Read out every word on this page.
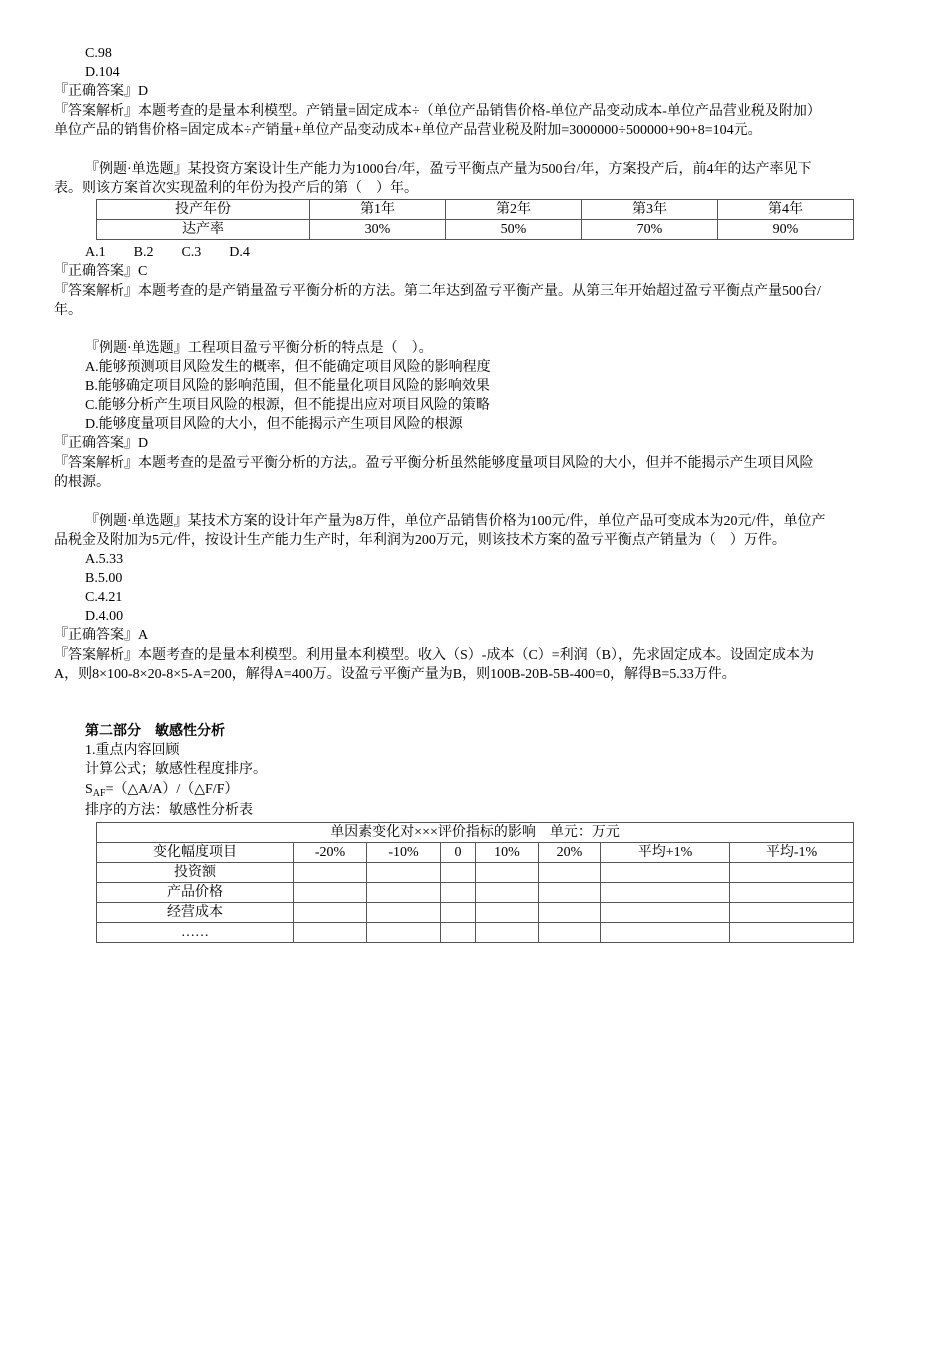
C.98
D.104
『正确答案』D
『答案解析』本题考查的是量本利模型。产销量=固定成本÷（单位产品销售价格-单位产品变动成本-单位产品营业税及附加）
单位产品的销售价格=固定成本÷产销量+单位产品变动成本+单位产品营业税及附加=3000000÷500000+90+8=104元。
『例题·单选题』某投资方案设计生产能力为1000台/年，盈亏平衡点产量为500台/年，方案投产后，前4年的达产率见下
表。则该方案首次实现盈利的年份为投产后的第（　）年。
投产年份	第1年	第2年	第3年	第4年
达产率	30%	50%	70%	90%
A.1　　B.2　　C.3　　D.4
『正确答案』C
『答案解析』本题考查的是产销量盈亏平衡分析的方法。第二年达到盈亏平衡产量。从第三年开始超过盈亏平衡点产量500台/
年。
『例题·单选题』工程项目盈亏平衡分析的特点是（　）。
A.能够预测项目风险发生的概率，但不能确定项目风险的影响程度
B.能够确定项目风险的影响范围，但不能量化项目风险的影响效果
C.能够分析产生项目风险的根源，但不能提出应对项目风险的策略
D.能够度量项目风险的大小，但不能揭示产生项目风险的根源
『正确答案』D
『答案解析』本题考查的是盈亏平衡分析的方法,。盈亏平衡分析虽然能够度量项目风险的大小，但并不能揭示产生项目风险
的根源。
『例题·单选题』某技术方案的设计年产量为8万件，单位产品销售价格为100元/件，单位产品可变成本为20元/件，单位产
品税金及附加为5元/件，按设计生产能力生产时，年利润为200万元，则该技术方案的盈亏平衡点产销量为（　）万件。
A.5.33
B.5.00
C.4.21
D.4.00
『正确答案』A
『答案解析』本题考查的是量本利模型。利用量本利模型。收入（S）-成本（C）=利润（B），先求固定成本。设固定成本为
A，则8×100-8×20-8×5-A=200，解得A=400万。设盈亏平衡产量为B，则100B-20B-5B-400=0，解得B=5.33万件。
第二部分　敏感性分析
1.重点内容回顾
计算公式；敏感性程度排序。
$S_{AF}=(\triangle A/A)/(\triangle F/F)$
排序的方法：敏感性分析表
单因素变化对×××评价指标的影响　单元：万元							
变化幅度项目	-20%	-10%	0	10%	20%	平均+1%	平均-1%
投资额							
产品价格							
经营成本							
……							
